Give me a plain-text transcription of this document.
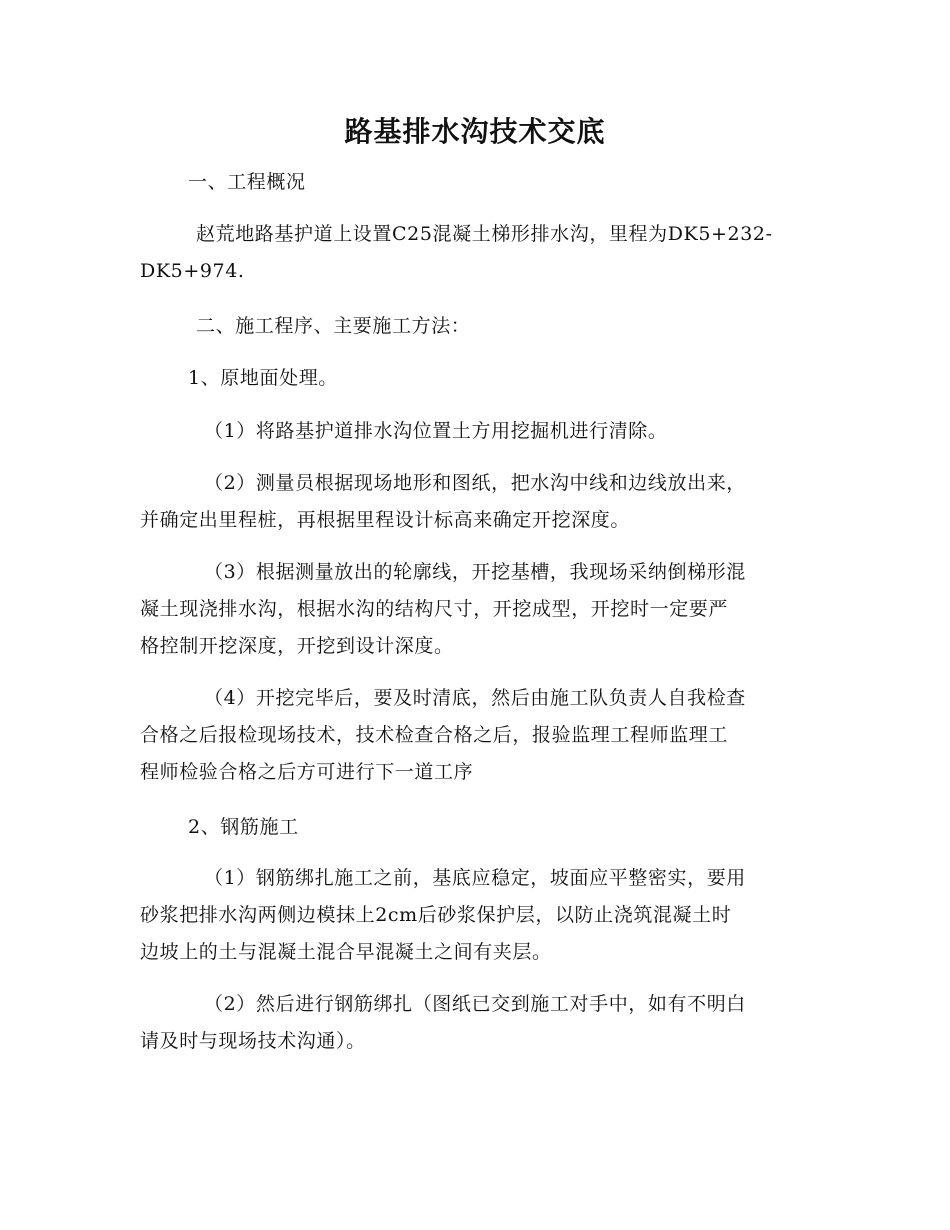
路基排水沟技术交底
一、工程概况
赵荒地路基护道上设置C25混凝土梯形排水沟，里程为DK5+232-
DK5+974.
二、施工程序、主要施工方法：
1、原地面处理。
（1）将路基护道排水沟位置土方用挖掘机进行清除。
（2）测量员根据现场地形和图纸，把水沟中线和边线放出来，
并确定出里程桩，再根据里程设计标高来确定开挖深度。
（3）根据测量放出的轮廓线，开挖基槽，我现场采纳倒梯形混
凝土现浇排水沟，根据水沟的结构尺寸，开挖成型，开挖时一定要严
格控制开挖深度，开挖到设计深度。
（4）开挖完毕后，要及时清底，然后由施工队负责人自我检查
合格之后报检现场技术，技术检查合格之后，报验监理工程师监理工
程师检验合格之后方可进行下一道工序
2、钢筋施工
（1）钢筋绑扎施工之前，基底应稳定，坡面应平整密实，要用
砂浆把排水沟两侧边模抹上2cm后砂浆保护层，以防止浇筑混凝土时
边坡上的土与混凝土混合早混凝土之间有夹层。
（2）然后进行钢筋绑扎（图纸已交到施工对手中，如有不明白
请及时与现场技术沟通）。
